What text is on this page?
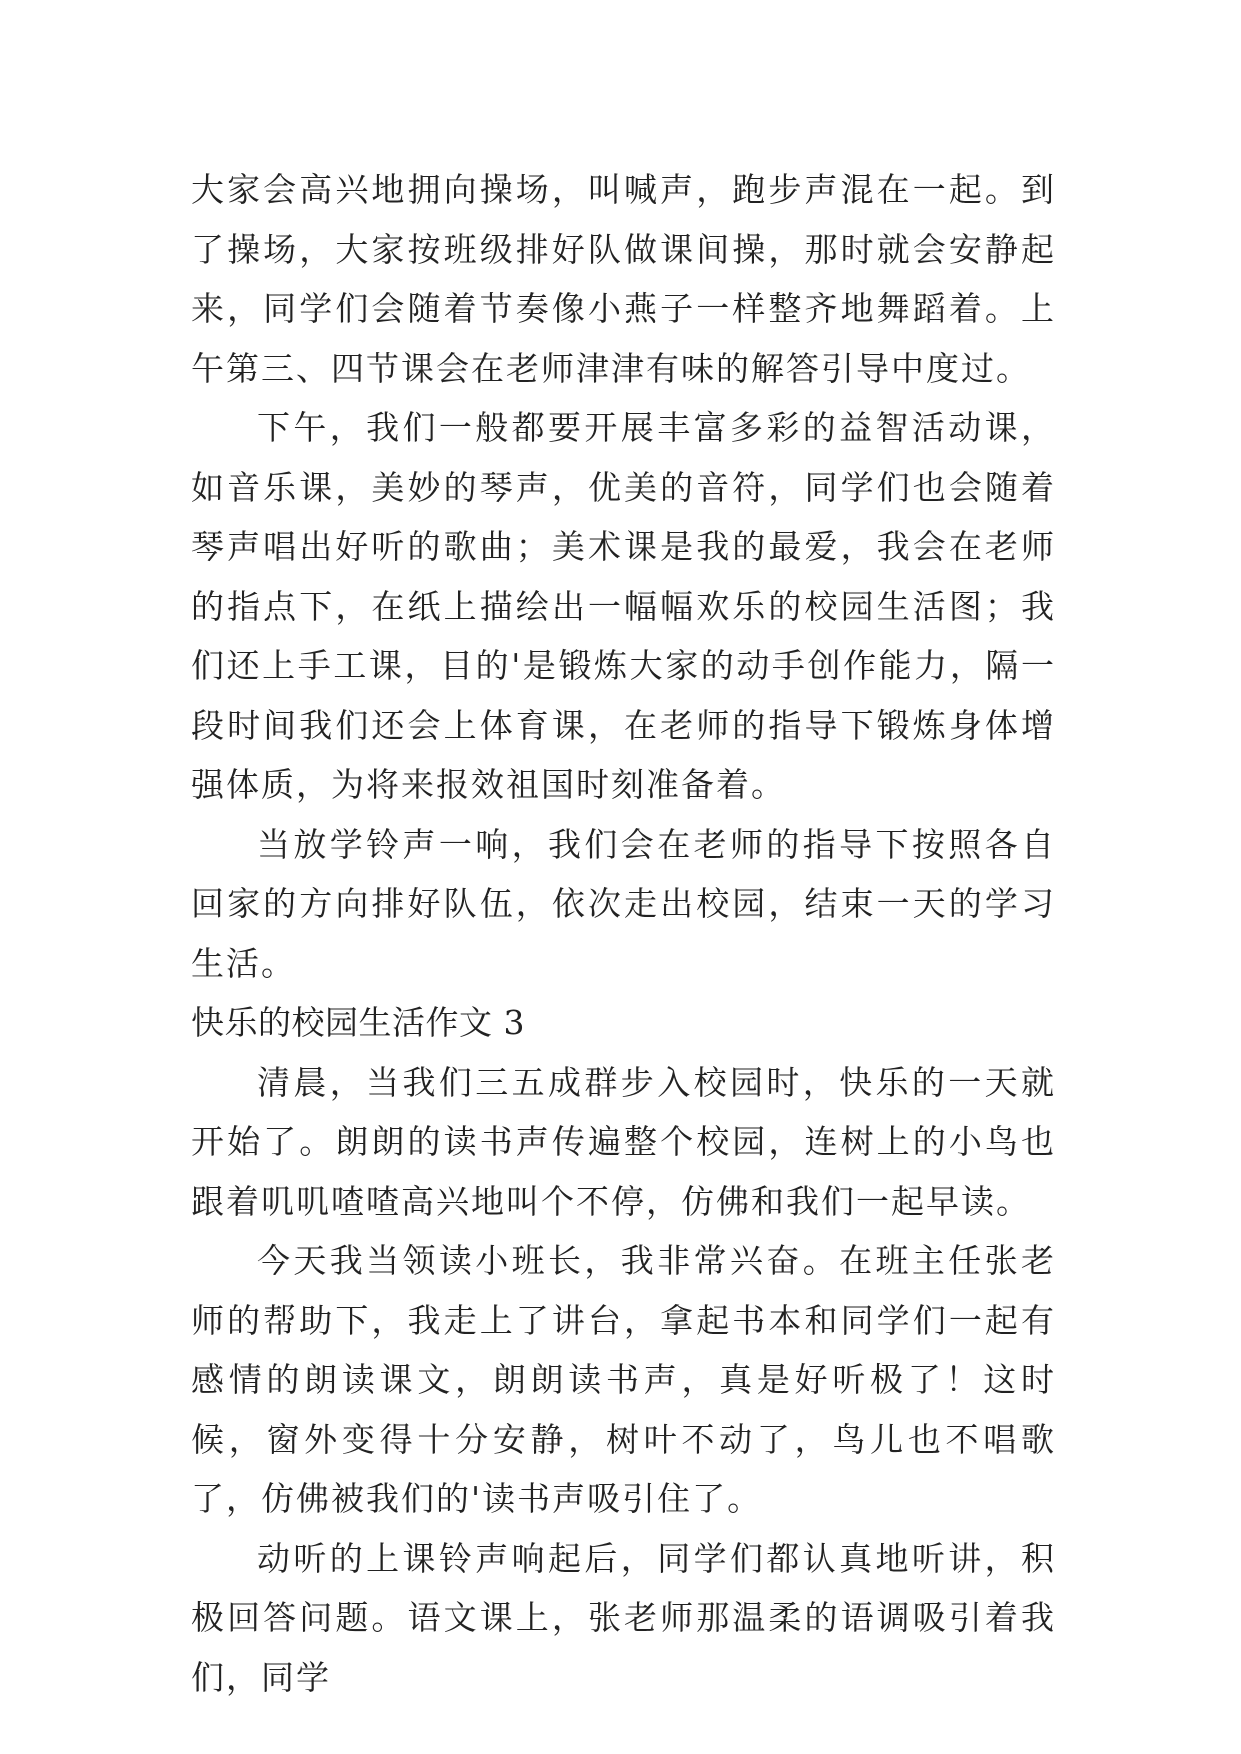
大家会高兴地拥向操场，叫喊声，跑步声混在一起。到了操场，大家按班级排好队做课间操，那时就会安静起来，同学们会随着节奏像小燕子一样整齐地舞蹈着。上午第三、四节课会在老师津津有味的解答引导中度过。

下午，我们一般都要开展丰富多彩的益智活动课，如音乐课，美妙的琴声，优美的音符，同学们也会随着琴声唱出好听的歌曲；美术课是我的最爱，我会在老师的指点下，在纸上描绘出一幅幅欢乐的校园生活图；我们还上手工课，目的'是锻炼大家的动手创作能力，隔一段时间我们还会上体育课，在老师的指导下锻炼身体增强体质，为将来报效祖国时刻准备着。

当放学铃声一响，我们会在老师的指导下按照各自回家的方向排好队伍，依次走出校园，结束一天的学习生活。

快乐的校园生活作文 3

清晨，当我们三五成群步入校园时，快乐的一天就开始了。朗朗的读书声传遍整个校园，连树上的小鸟也跟着叽叽喳喳高兴地叫个不停，仿佛和我们一起早读。

今天我当领读小班长，我非常兴奋。在班主任张老师的帮助下，我走上了讲台，拿起书本和同学们一起有感情的朗读课文，朗朗读书声，真是好听极了！这时候，窗外变得十分安静，树叶不动了，鸟儿也不唱歌了，仿佛被我们的'读书声吸引住了。

动听的上课铃声响起后，同学们都认真地听讲，积极回答问题。语文课上，张老师那温柔的语调吸引着我们，同学
